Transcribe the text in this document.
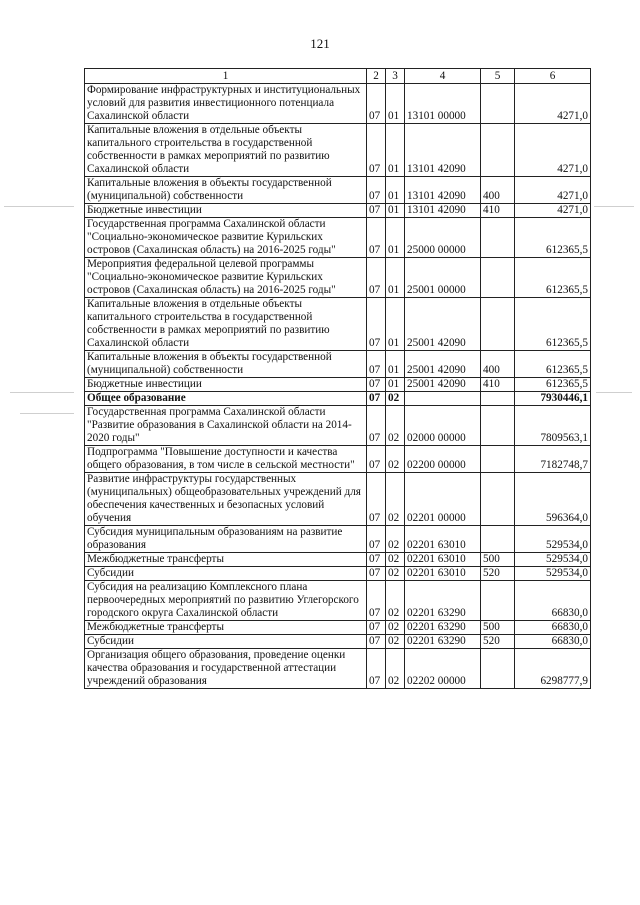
121
1	2	3	4	5	6
Формирование инфраструктурных и институциональных условий для развития инвестиционного потенциала Сахалинской области	07	01	13101 00000		4271,0
Капитальные вложения в отдельные объекты капитального строительства в государственной собственности в рамках мероприятий по развитию Сахалинской области	07	01	13101 42090		4271,0
Капитальные вложения в объекты государственной (муниципальной) собственности	07	01	13101 42090	400	4271,0
Бюджетные инвестиции	07	01	13101 42090	410	4271,0
Государственная программа Сахалинской области "Социально-экономическое развитие Курильских островов (Сахалинская область) на 2016-2025 годы"	07	01	25000 00000		612365,5
Мероприятия федеральной целевой программы "Социально-экономическое развитие Курильских островов (Сахалинская область) на 2016-2025 годы"	07	01	25001 00000		612365,5
Капитальные вложения в отдельные объекты капитального строительства в государственной собственности в рамках мероприятий по развитию Сахалинской области	07	01	25001 42090		612365,5
Капитальные вложения в объекты государственной (муниципальной) собственности	07	01	25001 42090	400	612365,5
Бюджетные инвестиции	07	01	25001 42090	410	612365,5
Общее образование	07	02			7930446,1
Государственная программа Сахалинской области "Развитие образования в Сахалинской области на 2014-2020 годы"	07	02	02000 00000		7809563,1
Подпрограмма "Повышение доступности и качества общего образования, в том числе в сельской местности"	07	02	02200 00000		7182748,7
Развитие инфраструктуры государственных (муниципальных) общеобразовательных учреждений для обеспечения качественных и безопасных условий обучения	07	02	02201 00000		596364,0
Субсидия муниципальным образованиям на развитие образования	07	02	02201 63010		529534,0
Межбюджетные трансферты	07	02	02201 63010	500	529534,0
Субсидии	07	02	02201 63010	520	529534,0
Субсидия на реализацию Комплексного плана первоочередных мероприятий по развитию Углегорского городского округа Сахалинской области	07	02	02201 63290		66830,0
Межбюджетные трансферты	07	02	02201 63290	500	66830,0
Субсидии	07	02	02201 63290	520	66830,0
Организация общего образования, проведение оценки качества образования и государственной аттестации учреждений образования	07	02	02202 00000		6298777,9
